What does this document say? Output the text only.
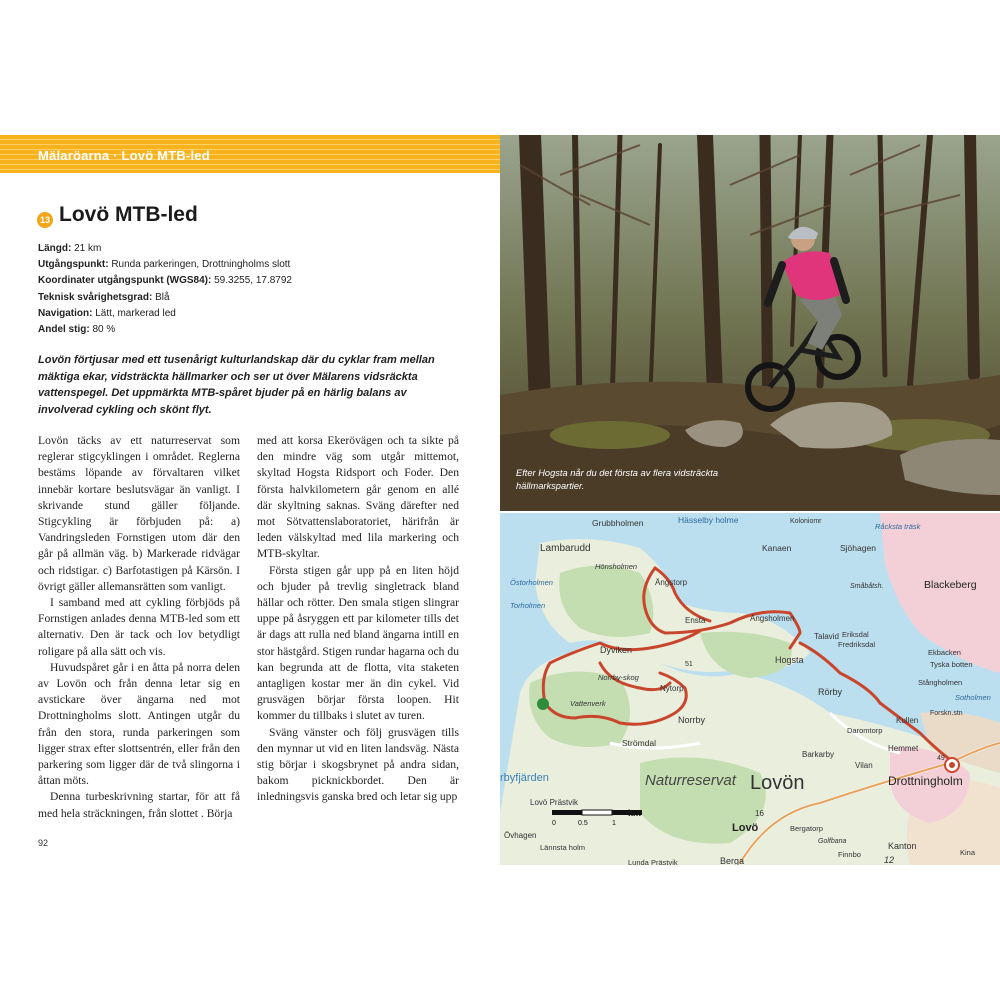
Mälaröarna · Lovö MTB-led
13 Lovö MTB-led
Längd: 21 km
Utgångspunkt: Runda parkeringen, Drottningholms slott
Koordinater utgångspunkt (WGS84): 59.3255, 17.8792
Teknisk svårighetsgrad: Blå
Navigation: Lätt, markerad led
Andel stig: 80 %
Lovön förtjusar med ett tusenårigt kulturlandskap där du cyklar fram mellan mäktiga ekar, vidsträckta hällmarker och ser ut över Mälarens vidsräckta vattenspegel. Det uppmärkta MTB-spåret bjuder på en härlig balans av involverad cykling och skönt flyt.

Lovön täcks av ett naturreservat som reglerar stigcyklingen i området. Reglerna bestäms löpande av förvaltaren vilket innebär kortare beslutsvägar än vanligt. I skrivande stund gäller följande. Stigcykling är förbjuden på: a) Vandringsleden Fornstigen utom där den går på allmän väg. b) Markerade ridvägar och ridstigar. c) Barfotastigen på Kärsön. I övrigt gäller allemansrätten som vanligt.

I samband med att cykling förbjöds på Fornstigen anlades denna MTB-led som ett alternativ. Den är tack och lov betydligt roligare på alla sätt och vis.

Huvudspåret går i en åtta på norra delen av Lovön och från denna letar sig en avstickare över ängarna ned mot Drottningholms slott. Antingen utgår du från den stora, runda parkeringen som ligger strax efter slottsentrén, eller från den parkering som ligger där de två slingorna i åttan möts.

Denna turbeskrivning startar, för att få med hela sträckningen, från slottet . Börja

med att korsa Ekerövägen och ta sikte på den mindre väg som utgår mittemot, skyltad Hogsta Ridsport och Foder. Den första halvkilometern går genom en allé där skyltning saknas. Sväng därefter ned mot Sötvattenslaboratoriet, härifrån är leden välskyltad med lila markering och MTB-skyltar.

Första stigen går upp på en liten höjd och bjuder på trevlig singletrack bland hällar och rötter. Den smala stigen slingrar uppe på åsryggen ett par kilometer tills det är dags att rulla ned bland ängarna intill en stor hästgård. Stigen rundar hagarna och du kan begrunda att de flotta, vita staketen antagligen kostar mer än din cykel. Vid grusvägen börjar första loopen. Hit kommer du tillbaks i slutet av turen.

Sväng vänster och följ grusvägen tills den mynnar ut vid en liten landsväg. Nästa stig börjar i skogsbrynet på andra sidan, bakom picknickbordet. Den är inledningsvis ganska bred och letar sig upp

92
Efter Hogsta når du det första av flera vidsträckta hällmarkspartier.
0	0.5	1
km
Grubbholmen	Hässelby holme	Koloniomr
Råcksta träsk
Lambarudd	Kanaen	Sjöhagen
Blackeberg
Hönsholmen
Ängstorp
Östorholmen	Småbåtsh.
Torholmen
Ensta	Ängsholmen
Talavid Eriksdal
Fredriksdal
Ekbacken
Tyska botten
Dyviken
Hogsta
Stångholmen
Sotholmen
Norrby-skog
Nytorp	Rörby
Forskn.stn
Vattenverk
Norrby	Kullen
Strömdal
Daromtorp
Naturreservat
Barkarby
Vilan
Hemmet
Lovön	Drottningholm
rbyfjärden
Lovö Prästvik
Lovö	Bergatorp
Golfbana
Finnbo
Kanton
Kina
Övhagen
Lännsta holm
Lunda Prästvik	Berga	12
16
51
49
